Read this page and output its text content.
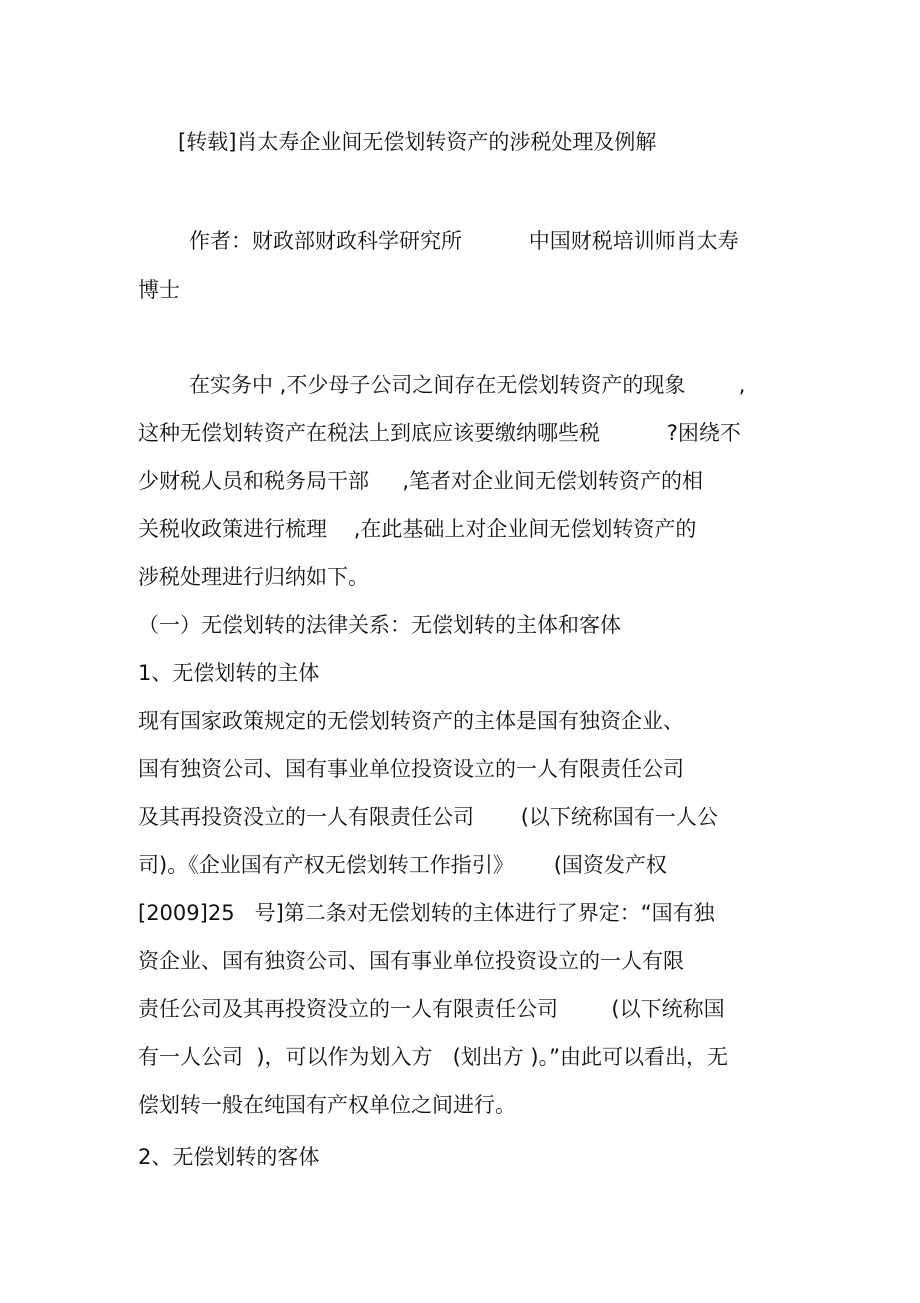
[转载]肖太寿企业间无偿划转资产的涉税处理及例解
作者：财政部财政科学研究所          中国财税培训师肖太寿
博士
在实务中 ,不少母子公司之间存在无偿划转资产的现象        ,
这种无偿划转资产在税法上到底应该要缴纳哪些税          ?困绕不
少财税人员和税务局干部     ,笔者对企业间无偿划转资产的相
关税收政策进行梳理    ,在此基础上对企业间无偿划转资产的
涉税处理进行归纳如下。
（一）无偿划转的法律关系：无偿划转的主体和客体
1、无偿划转的主体
现有国家政策规定的无偿划转资产的主体是国有独资企业、
国有独资公司、国有事业单位投资设立的一人有限责任公司
及其再投资没立的一人有限责任公司       (以下统称国有一人公
司)。《企业国有产权无偿划转工作指引》      (国资发产权
[2009]25   号]第二条对无偿划转的主体进行了界定：“国有独
资企业、国有独资公司、国有事业单位投资设立的一人有限
责任公司及其再投资没立的一人有限责任公司        (以下统称国
有一人公司  )，可以作为划入方   (划出方 )。”由此可以看出，无
偿划转一般在纯国有产权单位之间进行。
2、无偿划转的客体
